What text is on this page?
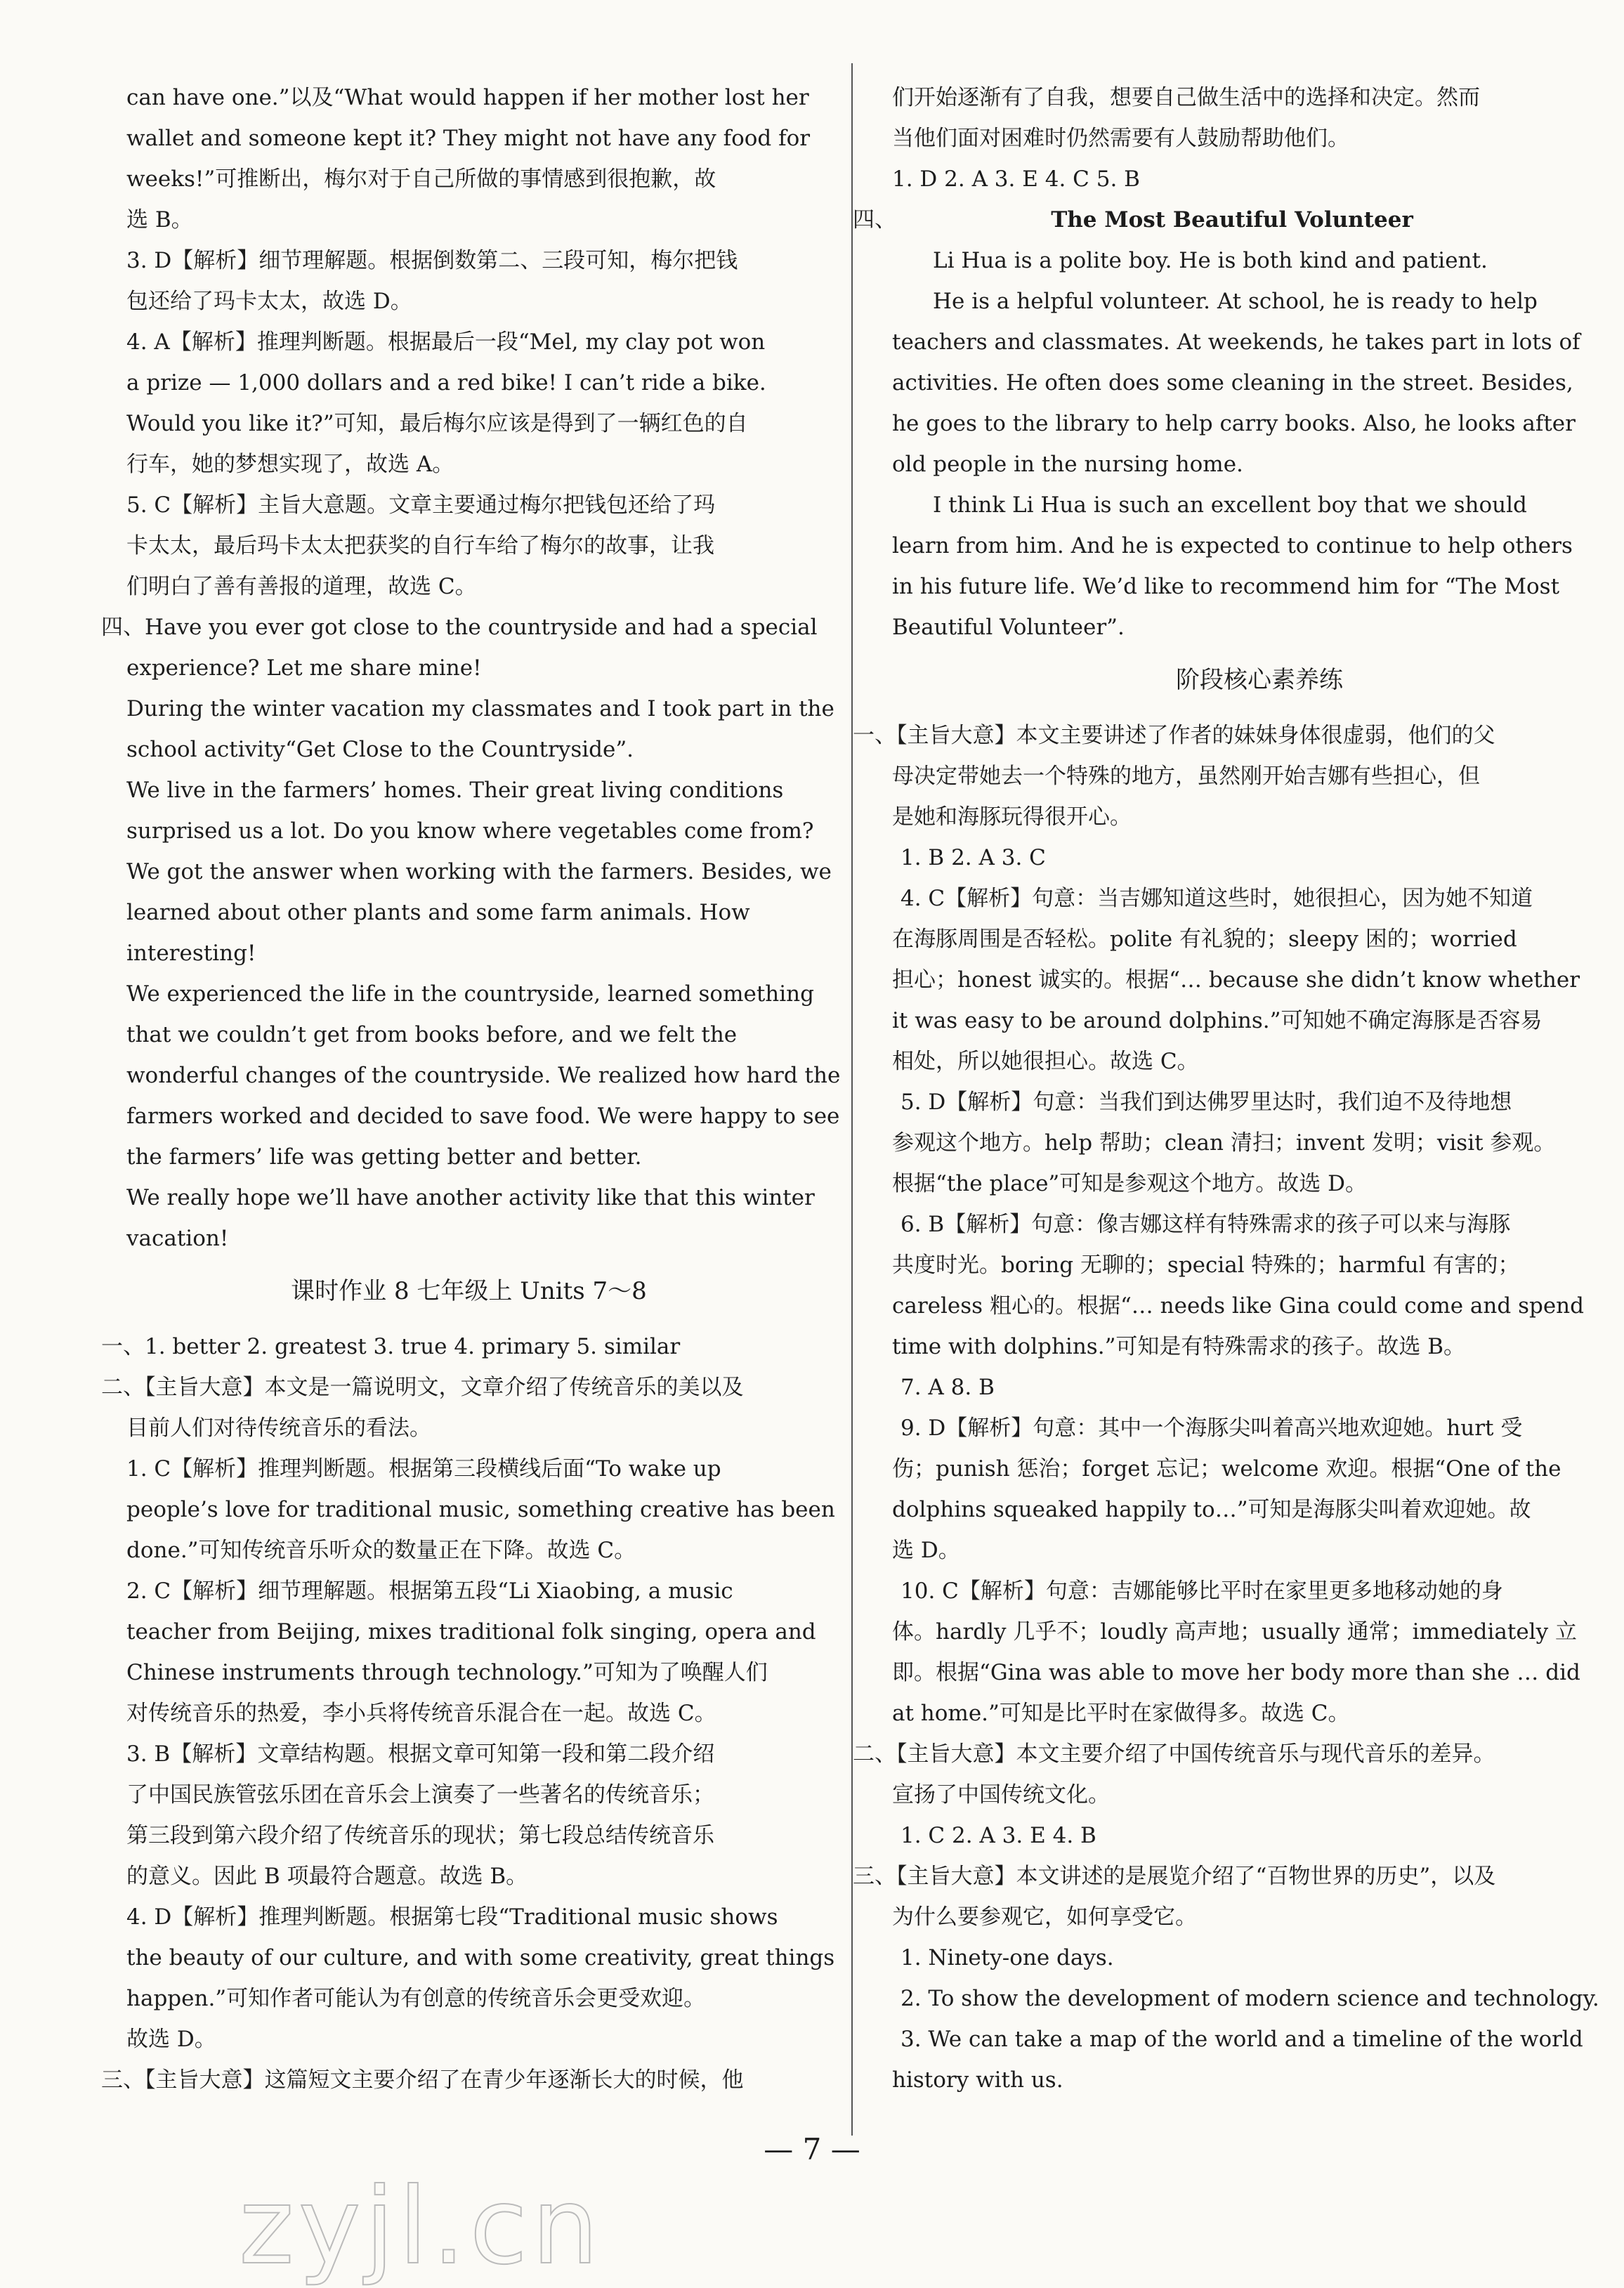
can have one.”以及“What would happen if her mother lost her
wallet and someone kept it? They might not have any food for
weeks!”可推断出，梅尔对于自己所做的事情感到很抱歉，故
选 B。
3. D【解析】细节理解题。根据倒数第二、三段可知，梅尔把钱
包还给了玛卡太太，故选 D。
4. A【解析】推理判断题。根据最后一段“Mel, my clay pot won
a prize — 1,000 dollars and a red bike! I can’t ride a bike.
Would you like it?”可知，最后梅尔应该是得到了一辆红色的自
行车，她的梦想实现了，故选 A。
5. C【解析】主旨大意题。文章主要通过梅尔把钱包还给了玛
卡太太，最后玛卡太太把获奖的自行车给了梅尔的故事，让我
们明白了善有善报的道理，故选 C。
四、Have you ever got close to the countryside and had a special
experience? Let me share mine!
During the winter vacation my classmates and I took part in the
school activity“Get Close to the Countryside”.
We live in the farmers’ homes. Their great living conditions
surprised us a lot. Do you know where vegetables come from?
We got the answer when working with the farmers. Besides, we
learned about other plants and some farm animals. How
interesting!
We experienced the life in the countryside, learned something
that we couldn’t get from books before, and we felt the
wonderful changes of the countryside. We realized how hard the
farmers worked and decided to save food. We were happy to see
the farmers’ life was getting better and better.
We really hope we’ll have another activity like that this winter
vacation!
课时作业 8 七年级上 Units 7～8
一、1. better 2. greatest 3. true 4. primary 5. similar
二、【主旨大意】本文是一篇说明文，文章介绍了传统音乐的美以及
目前人们对待传统音乐的看法。
1. C【解析】推理判断题。根据第三段横线后面“To wake up
people’s love for traditional music, something creative has been
done.”可知传统音乐听众的数量正在下降。故选 C。
2. C【解析】细节理解题。根据第五段“Li Xiaobing, a music
teacher from Beijing, mixes traditional folk singing, opera and
Chinese instruments through technology.”可知为了唤醒人们
对传统音乐的热爱，李小兵将传统音乐混合在一起。故选 C。
3. B【解析】文章结构题。根据文章可知第一段和第二段介绍
了中国民族管弦乐团在音乐会上演奏了一些著名的传统音乐；
第三段到第六段介绍了传统音乐的现状；第七段总结传统音乐
的意义。因此 B 项最符合题意。故选 B。
4. D【解析】推理判断题。根据第七段“Traditional music shows
the beauty of our culture, and with some creativity, great things
happen.”可知作者可能认为有创意的传统音乐会更受欢迎。
故选 D。
三、【主旨大意】这篇短文主要介绍了在青少年逐渐长大的时候，他
们开始逐渐有了自我，想要自己做生活中的选择和决定。然而
当他们面对困难时仍然需要有人鼓励帮助他们。
1. D 2. A 3. E 4. C 5. B
四、	The Most Beautiful Volunteer
Li Hua is a polite boy. He is both kind and patient.
He is a helpful volunteer. At school, he is ready to help
teachers and classmates. At weekends, he takes part in lots of
activities. He often does some cleaning in the street. Besides,
he goes to the library to help carry books. Also, he looks after
old people in the nursing home.
I think Li Hua is such an excellent boy that we should
learn from him. And he is expected to continue to help others
in his future life. We’d like to recommend him for “The Most
Beautiful Volunteer”.
阶段核心素养练
一、【主旨大意】本文主要讲述了作者的妹妹身体很虚弱，他们的父
母决定带她去一个特殊的地方，虽然刚开始吉娜有些担心，但
是她和海豚玩得很开心。
1. B 2. A 3. C
4. C【解析】句意：当吉娜知道这些时，她很担心，因为她不知道
在海豚周围是否轻松。polite 有礼貌的；sleepy 困的；worried
担心；honest 诚实的。根据“… because she didn’t know whether
it was easy to be around dolphins.”可知她不确定海豚是否容易
相处，所以她很担心。故选 C。
5. D【解析】句意：当我们到达佛罗里达时，我们迫不及待地想
参观这个地方。help 帮助；clean 清扫；invent 发明；visit 参观。
根据“the place”可知是参观这个地方。故选 D。
6. B【解析】句意：像吉娜这样有特殊需求的孩子可以来与海豚
共度时光。boring 无聊的；special 特殊的；harmful 有害的；
careless 粗心的。根据“… needs like Gina could come and spend
time with dolphins.”可知是有特殊需求的孩子。故选 B。
7. A 8. B
9. D【解析】句意：其中一个海豚尖叫着高兴地欢迎她。hurt 受
伤；punish 惩治；forget 忘记；welcome 欢迎。根据“One of the
dolphins squeaked happily to…”可知是海豚尖叫着欢迎她。故
选 D。
10. C【解析】句意：吉娜能够比平时在家里更多地移动她的身
体。hardly 几乎不；loudly 高声地；usually 通常；immediately 立
即。根据“Gina was able to move her body more than she … did
at home.”可知是比平时在家做得多。故选 C。
二、【主旨大意】本文主要介绍了中国传统音乐与现代音乐的差异。
宣扬了中国传统文化。
1. C 2. A 3. E 4. B
三、【主旨大意】本文讲述的是展览介绍了“百物世界的历史”，以及
为什么要参观它，如何享受它。
1. Ninety-one days.
2. To show the development of modern science and technology.
3. We can take a map of the world and a timeline of the world
history with us.
— 7 —
zyjl.cn
